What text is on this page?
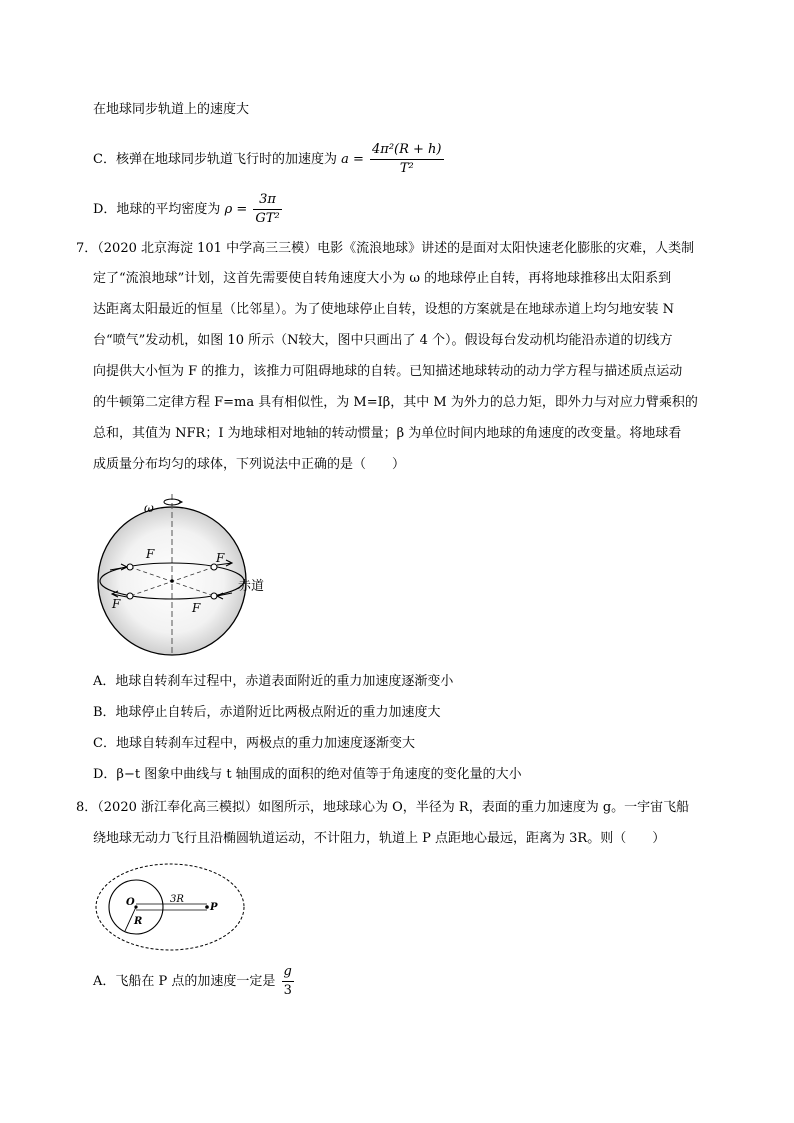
在地球同步轨道上的速度大
C．核弹在地球同步轨道飞行时的加速度为 $a = \frac{\text{4π²(R + h)}}{\text{T²}}$
D．地球的平均密度为 $\rho = \frac{3\pi}{\text{GT²}}$
7．（2020 北京海淀 101 中学高三三模）电影《流浪地球》讲述的是面对太阳快速老化膨胀的灾难，人类制
定了“流浪地球”计划，这首先需要使自转角速度大小为 ω 的地球停止自转，再将地球推移出太阳系到
达距离太阳最近的恒星（比邻星）。为了使地球停止自转，设想的方案就是在地球赤道上均匀地安装 N
台“喷气”发动机，如图 10 所示（N较大，图中只画出了 4 个）。假设每台发动机均能沿赤道的切线方
向提供大小恒为 F 的推力，该推力可阻碍地球的自转。已知描述地球转动的动力学方程与描述质点运动
的牛顿第二定律方程 F=ma 具有相似性，为 M=Iβ，其中 M 为外力的总力矩，即外力与对应力臂乘积的
总和，其值为 NFR；I 为地球相对地轴的转动惯量；β 为单位时间内地球的角速度的改变量。将地球看
成质量分布均匀的球体，下列说法中正确的是（　　）
ω
F	F
F	F
赤道
A．地球自转刹车过程中，赤道表面附近的重力加速度逐渐变小
B．地球停止自转后，赤道附近比两极点附近的重力加速度大
C．地球自转刹车过程中，两极点的重力加速度逐渐变大
D．β−t 图象中曲线与 t 轴围成的面积的绝对值等于角速度的变化量的大小
8．（2020 浙江奉化高三模拟）如图所示，地球球心为 O，半径为 R，表面的重力加速度为 g。一宇宙飞船
绕地球无动力飞行且沿椭圆轨道运动，不计阻力，轨道上 P 点距地心最远，距离为 3R。则（　　）
O
R
3R
P
A．飞船在 P 点的加速度一定是 $\frac{g}{3}$
